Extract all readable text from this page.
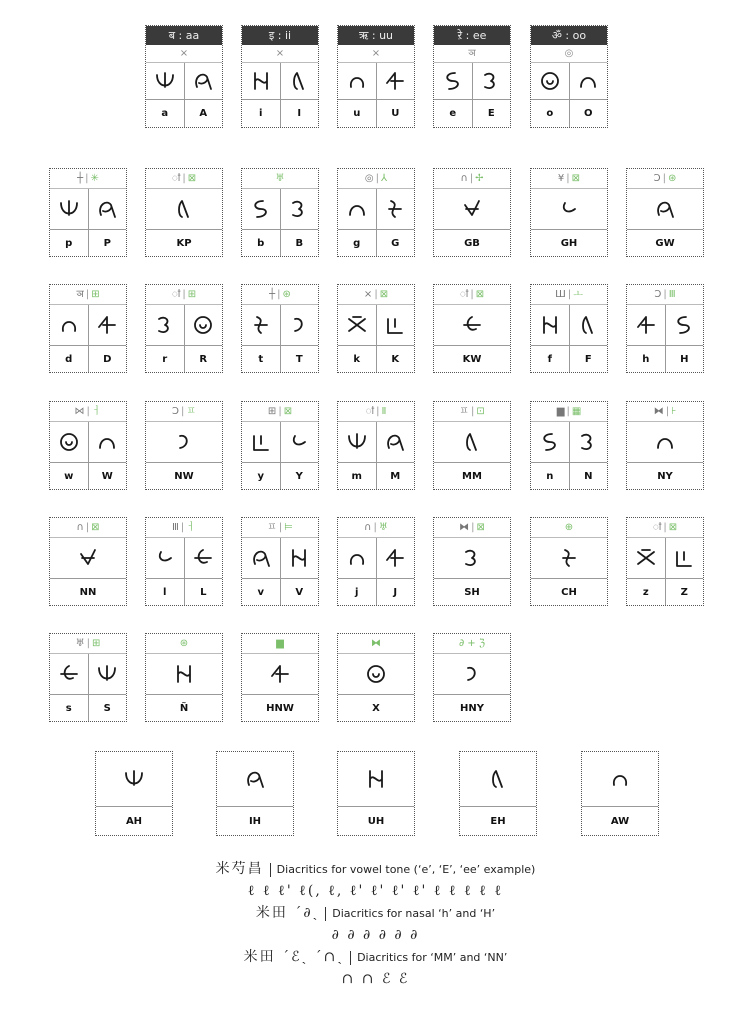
ब : aa
×
a	A
इ : ii
×
i	I
ऋ : uu
×
u	U
ऱे : ee
ञ
e	E
ॐ : oo
◎
o	O
┼ | ✳
p	P
ऻ | ⊠
KP
♅
b	B
◎ | ⅄
g	G
∩ | ✢
GB
¥ | ⊠
GH
Ↄ | ⊛
GW
ञ | ⊞
d	D
ऻ | ⊞
r	R
┼ | ⊛
t	T
× | ⊠
k	K
ऻ | ⊠
KW
Ш | ㅗ
f	F
Ↄ | Ⅲ
h	H
⋈ | ㅓ
w	W
Ↄ | ㅍ
NW
⊞ | ⊠
y	Y
ऻ | Ⅱ
m	M
ㅍ | ⊡
MM
▆ | ▦
n	N
⧓ | ⊦
NY
∩ | ⊠
NN
Ⅲ | ㅓ
l	L
ㅍ | ⊨
v	V
∩ | ♅
j	J
⧓ | ⊠
SH
⊕
CH
ऻ | ⊠
z	Z
♅ | ⊞
s	S
⊛
Ñ
▆
HNW
⧓
X
∂ + ℨ
HNY
AH	IH	UH	EH	AW
米芍昌 Diacritics for vowel tone (‘e’, ‘E’, ‘ee’ example)
ℓ ℓ ℓ' ℓ(, ℓ, ℓ' ℓ' ℓ' ℓ' ℓ ℓ ℓ ℓ ℓ
米田 ˊ∂ˏ Diacritics for nasal ‘h’ and ‘H’
∂ ∂ ∂ ∂ ∂ ∂
米田 ˊℰˏ ˊ∩ˏ Diacritics for ‘MM’ and ‘NN’
∩ ∩ ℰ ℰ
